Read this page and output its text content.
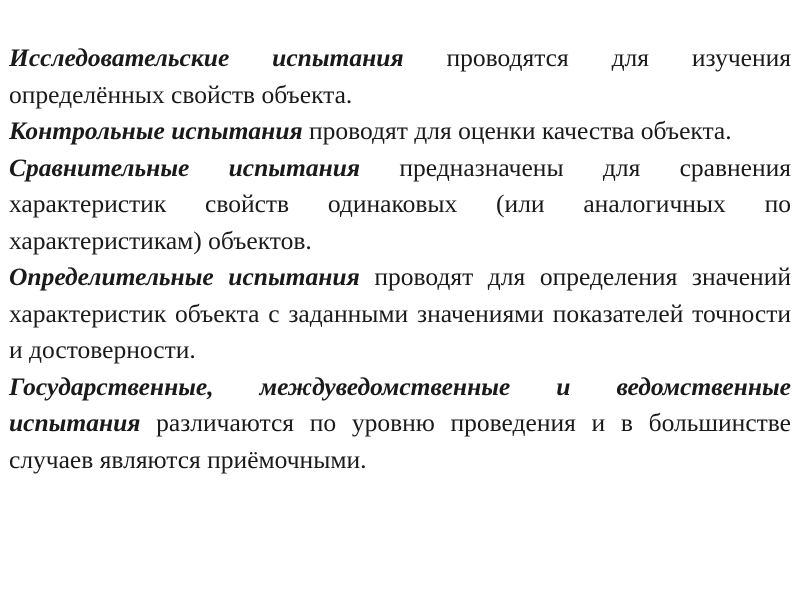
Исследовательские испытания проводятся для изучения определённых свойств объекта.

Контрольные испытания проводят для оценки качества объекта.

Сравнительные испытания предназначены для сравнения характеристик свойств одинаковых (или аналогичных по характеристикам) объектов.

Определительные испытания проводят для определения значений характеристик объекта с заданными значениями показателей точности и достоверности.

Государственные, междуведомственные и ведомственные испытания различаются по уровню проведения и в большинстве случаев являются приёмочными.
